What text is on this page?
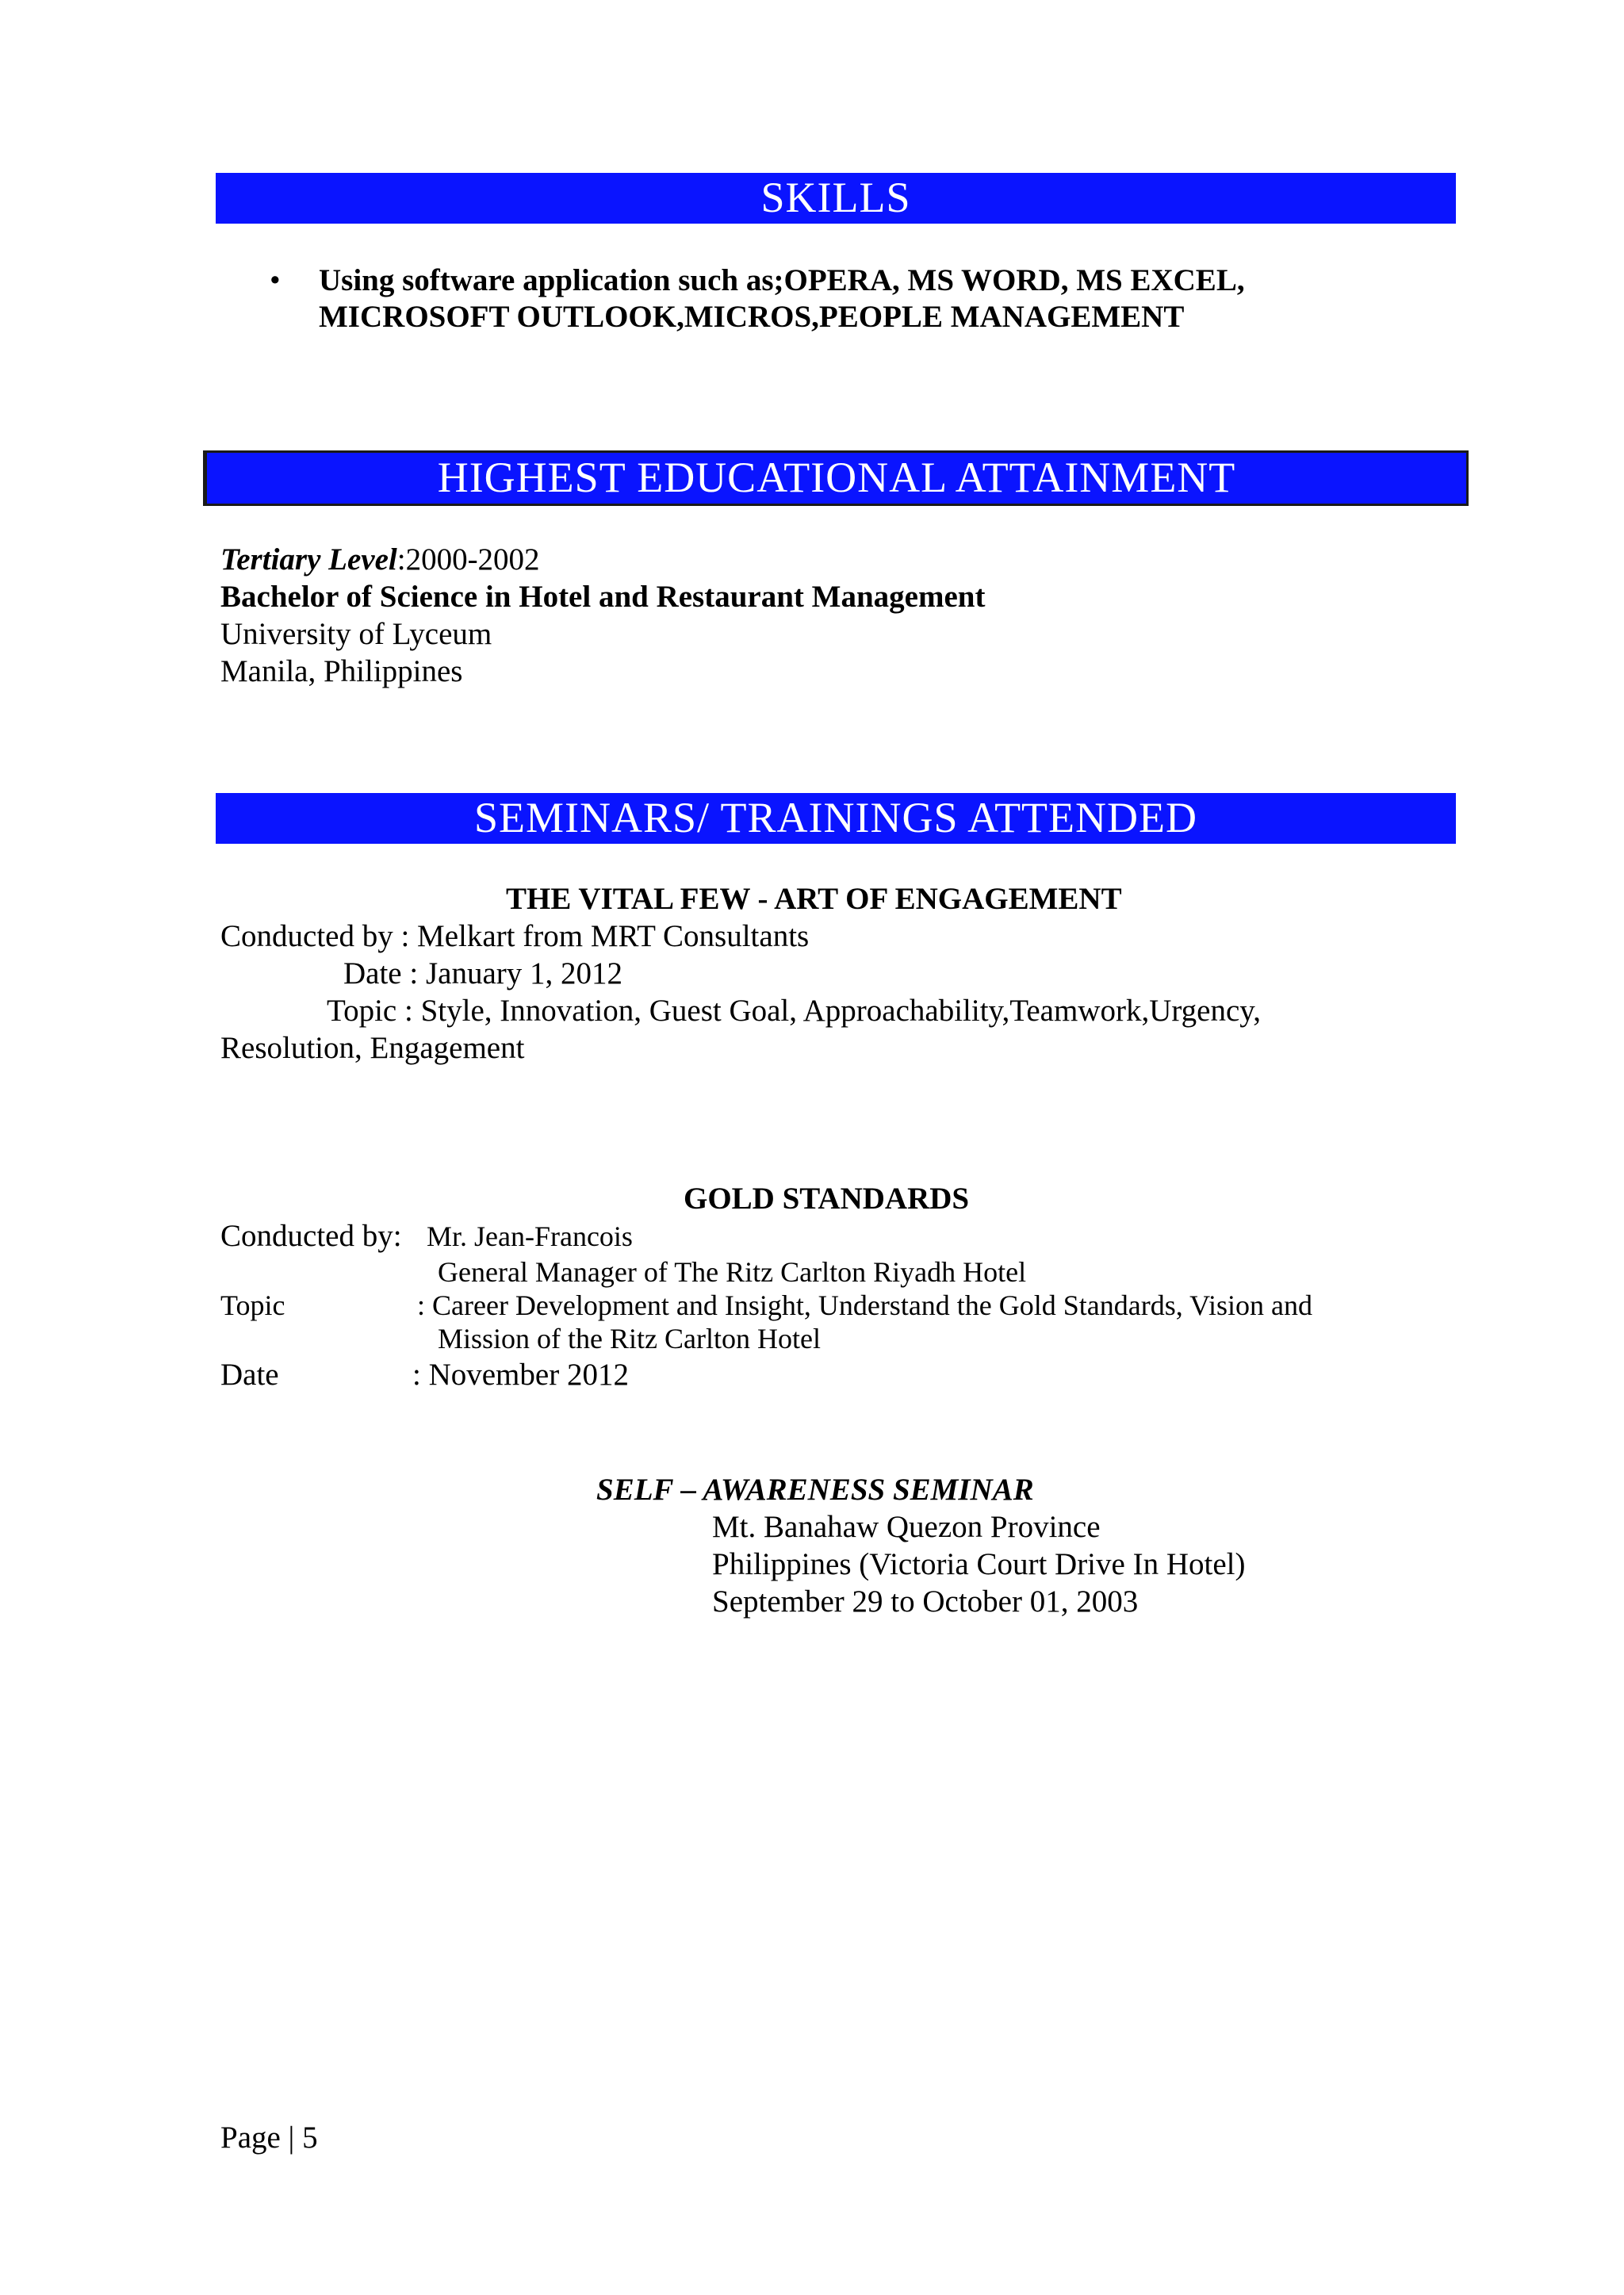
SKILLS
• Using software application such as;OPERA, MS WORD, MS EXCEL,
MICROSOFT OUTLOOK,MICROS,PEOPLE MANAGEMENT
HIGHEST EDUCATIONAL ATTAINMENT
Tertiary Level:2000-2002
Bachelor of Science in Hotel and Restaurant Management
University of Lyceum
Manila, Philippines
SEMINARS/ TRAININGS ATTENDED
THE VITAL FEW - ART OF ENGAGEMENT
Conducted by : Melkart from MRT Consultants
Date : January 1, 2012
Topic : Style, Innovation, Guest Goal, Approachability,Teamwork,Urgency,
Resolution, Engagement
GOLD STANDARDS
Conducted by: Mr. Jean-Francois
General Manager of The Ritz Carlton Riyadh Hotel
Topic	: Career Development and Insight, Understand the Gold Standards, Vision and
Mission of the Ritz Carlton Hotel
Date	: November 2012
SELF – AWARENESS SEMINAR
Mt. Banahaw Quezon Province
Philippines (Victoria Court Drive In Hotel)
September 29 to October 01, 2003
Page | 5
